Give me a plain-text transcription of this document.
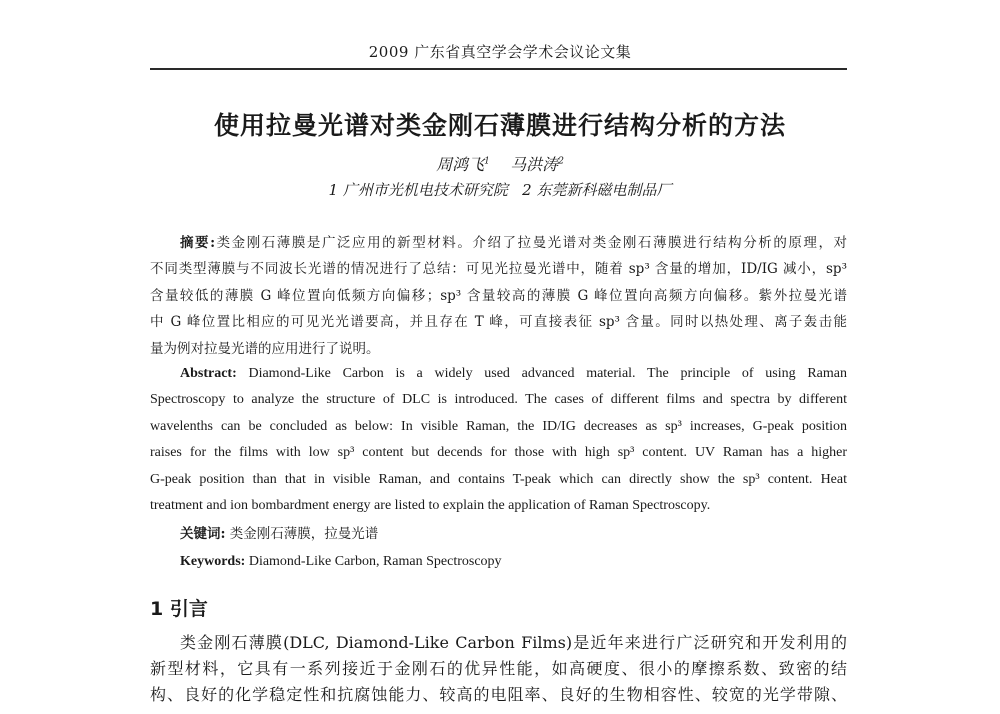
2009 广东省真空学会学术会议论文集
使用拉曼光谱对类金刚石薄膜进行结构分析的方法
周鸿飞$^1$ 马洪涛$^2$
1 广州市光机电技术研究院   2 东莞新科磁电制品厂
摘要:类金刚石薄膜是广泛应用的新型材料。介绍了拉曼光谱对类金刚石薄膜进行结构分析的原理，对
不同类型薄膜与不同波长光谱的情况进行了总结：可见光拉曼光谱中，随着 sp³ 含量的增加，ID/IG 减小，sp³
含量较低的薄膜 G 峰位置向低频方向偏移；sp³ 含量较高的薄膜 G 峰位置向高频方向偏移。紫外拉曼光谱
中 G 峰位置比相应的可见光光谱要高，并且存在 T 峰，可直接表征 sp³ 含量。同时以热处理、离子轰击能
量为例对拉曼光谱的应用进行了说明。
Abstract: Diamond-Like Carbon is a widely used advanced material. The principle of using Raman
Spectroscopy to analyze the structure of DLC is introduced. The cases of different films and spectra by different
wavelenths can be concluded as below: In visible Raman, the ID/IG decreases as sp³ increases, G-peak position
raises for the films with low sp³ content but decends for those with high sp³ content. UV Raman has a higher
G-peak position than that in visible Raman, and contains T-peak which can directly show the sp³ content. Heat
treatment and ion bombardment energy are listed to explain the application of Raman Spectroscopy.
关键词: 类金刚石薄膜，拉曼光谱
Keywords: Diamond-Like Carbon, Raman Spectroscopy
1 引言
类金刚石薄膜(DLC, Diamond-Like Carbon Films)是近年来进行广泛研究和开发利用的
新型材料，它具有一系列接近于金刚石的优异性能，如高硬度、很小的摩擦系数、致密的结
构、良好的化学稳定性和抗腐蚀能力、较高的电阻率、良好的生物相容性、较宽的光学带隙、
